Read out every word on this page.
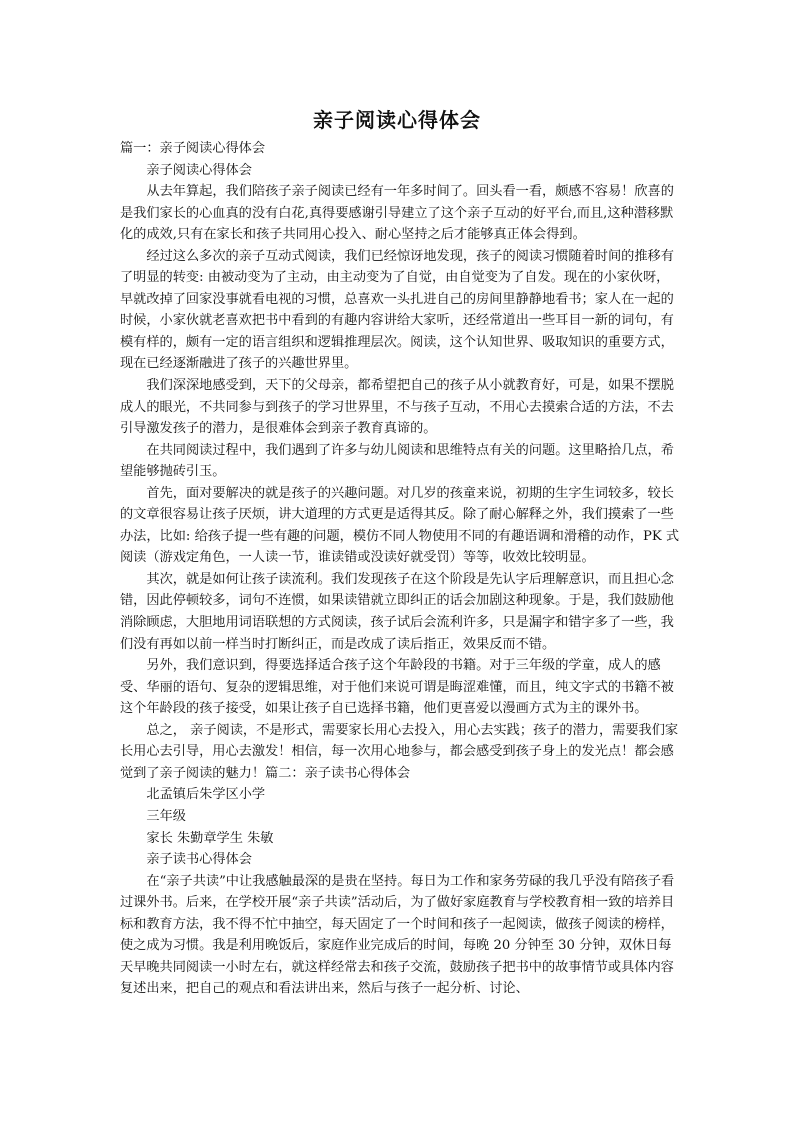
亲子阅读心得体会

篇一：亲子阅读心得体会

亲子阅读心得体会

从去年算起，我们陪孩子亲子阅读已经有一年多时间了。回头看一看，颇感不容易！欣喜的是我们家长的心血真的没有白花,真得要感谢引导建立了这个亲子互动的好平台,而且,这种潜移默化的成效,只有在家长和孩子共同用心投入、耐心坚持之后才能够真正体会得到。

经过这么多次的亲子互动式阅读，我们已经惊讶地发现，孩子的阅读习惯随着时间的推移有了明显的转变: 由被动变为了主动，由主动变为了自觉，由自觉变为了自发。现在的小家伙呀，早就改掉了回家没事就看电视的习惯，总喜欢一头扎进自己的房间里静静地看书；家人在一起的时候，小家伙就老喜欢把书中看到的有趣内容讲给大家听，还经常道出一些耳目一新的词句，有模有样的，颇有一定的语言组织和逻辑推理层次。阅读，这个认知世界、吸取知识的重要方式，现在已经逐渐融进了孩子的兴趣世界里。

我们深深地感受到，天下的父母亲，都希望把自己的孩子从小就教育好，可是，如果不摆脱成人的眼光，不共同参与到孩子的学习世界里，不与孩子互动，不用心去摸索合适的方法，不去引导激发孩子的潜力，是很难体会到亲子教育真谛的。

在共同阅读过程中，我们遇到了许多与幼儿阅读和思维特点有关的问题。这里略拾几点，希望能够抛砖引玉。

首先，面对要解决的就是孩子的兴趣问题。对几岁的孩童来说，初期的生字生词较多，较长的文章很容易让孩子厌烦，讲大道理的方式更是适得其反。除了耐心解释之外，我们摸索了一些办法，比如: 给孩子提一些有趣的问题，模仿不同人物使用不同的有趣语调和滑稽的动作，PK 式阅读（游戏定角色，一人读一节，谁读错或没读好就受罚）等等，收效比较明显。

其次，就是如何让孩子读流利。我们发现孩子在这个阶段是先认字后理解意识，而且担心念错，因此停顿较多，词句不连惯，如果读错就立即纠正的话会加剧这种现象。于是，我们鼓励他消除顾虑，大胆地用词语联想的方式阅读，孩子试后会流利许多，只是漏字和错字多了一些，我们没有再如以前一样当时打断纠正，而是改成了读后指正，效果反而不错。

另外，我们意识到，得要选择适合孩子这个年龄段的书籍。对于三年级的学童，成人的感受、华丽的语句、复杂的逻辑思维，对于他们来说可谓是晦涩难懂，而且，纯文字式的书籍不被这个年龄段的孩子接受，如果让孩子自已选择书籍，他们更喜爱以漫画方式为主的课外书。

总之， 亲子阅读，不是形式，需要家长用心去投入，用心去实践；孩子的潜力，需要我们家长用心去引导，用心去激发！相信，每一次用心地参与，都会感受到孩子身上的发光点！都会感觉到了亲子阅读的魅力！篇二：亲子读书心得体会

北孟镇后朱学区小学

三年级

家长 朱勤章学生 朱敏

亲子读书心得体会

在“亲子共读”中让我感触最深的是贵在坚持。每日为工作和家务劳碌的我几乎没有陪孩子看过课外书。后来，在学校开展“亲子共读”活动后，为了做好家庭教育与学校教育相一致的培养目标和教育方法，我不得不忙中抽空，每天固定了一个时间和孩子一起阅读，做孩子阅读的榜样，使之成为习惯。我是利用晚饭后，家庭作业完成后的时间，每晚 20 分钟至 30 分钟，双休日每天早晚共同阅读一小时左右，就这样经常去和孩子交流，鼓励孩子把书中的故事情节或具体内容复述出来，把自己的观点和看法讲出来，然后与孩子一起分析、讨论、
